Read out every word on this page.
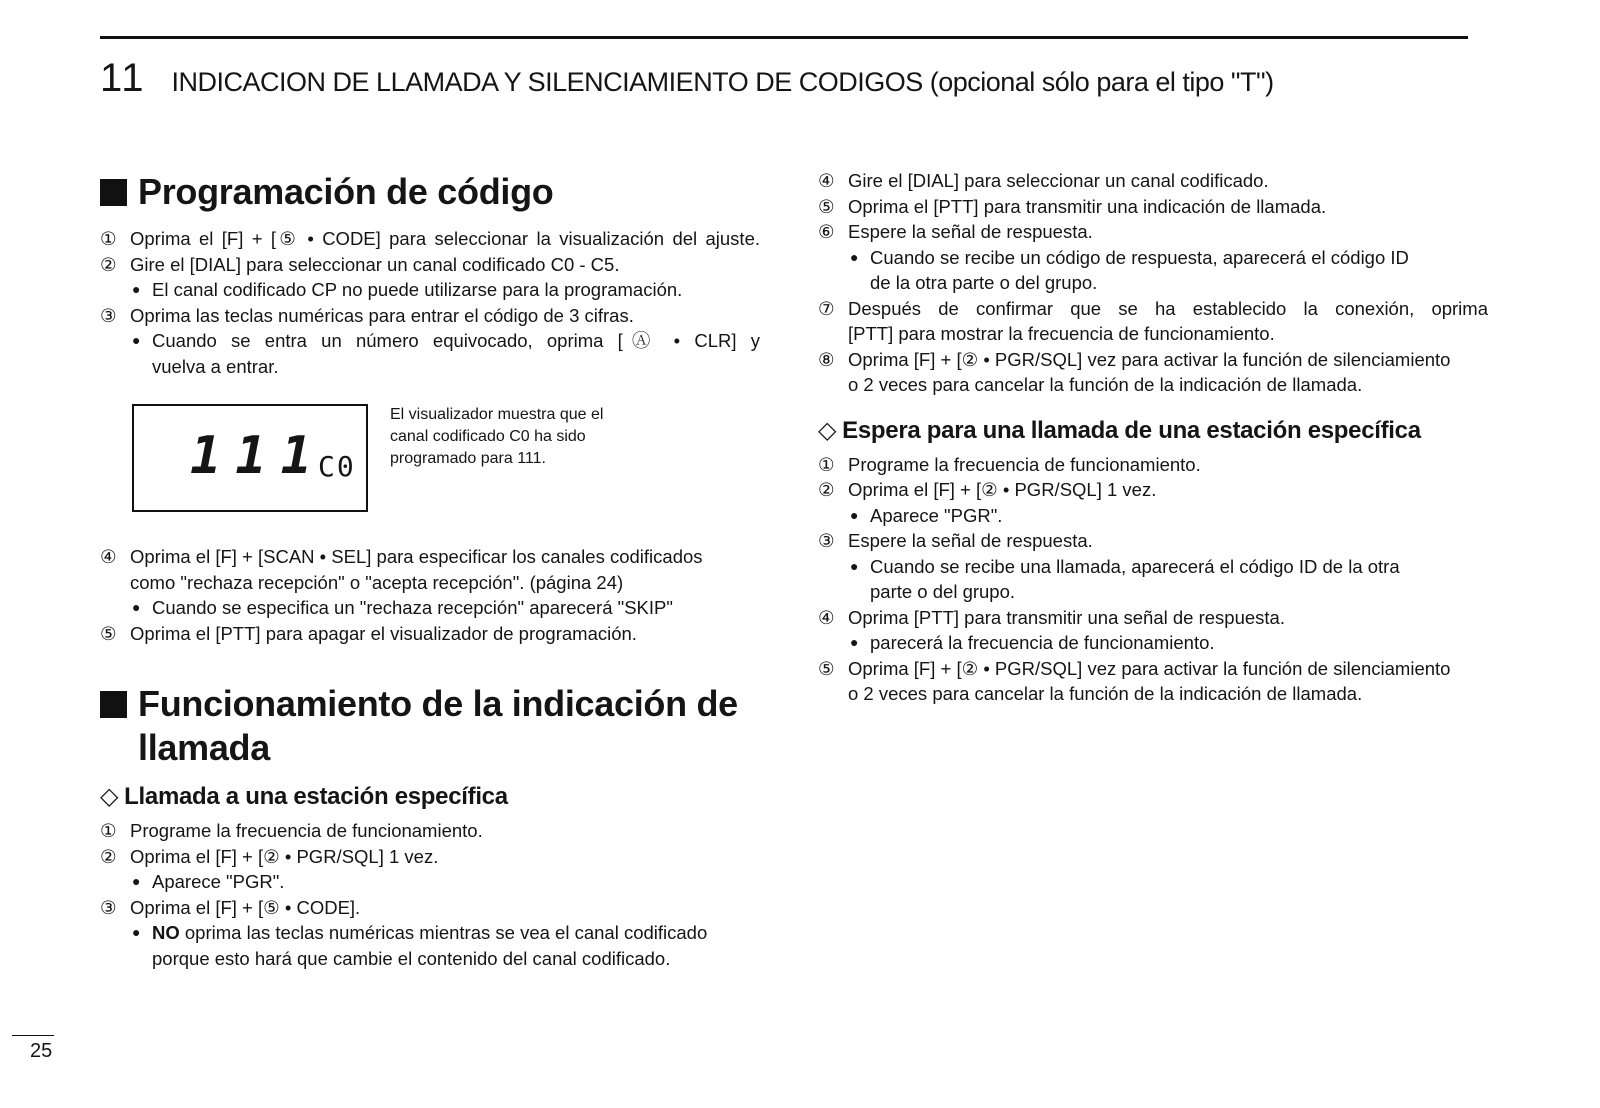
11 INDICACION DE LLAMADA Y SILENCIAMIENTO DE CODIGOS (opcional sólo para el tipo "T")
Programación de código
① Oprima el [F] + [⑤ • CODE] para seleccionar la visualización del ajuste.
② Gire el [DIAL] para seleccionar un canal codificado C0 - C5.
● El canal codificado CP no puede utilizarse para la programación.
③ Oprima las teclas numéricas para entrar el código de 3 cifras.
● Cuando se entra un número equivocado, oprima [Ⓐ • CLR] y
vuelva a entrar.
111
C0
El visualizador muestra que el
canal codificado C0 ha sido
programado para 111.
④ Oprima el [F] + [SCAN • SEL] para especificar los canales codificados
como "rechaza recepción" o "acepta recepción". (página 24)
● Cuando se especifica un "rechaza recepción" aparecerá "SKIP"
⑤ Oprima el [PTT] para apagar el visualizador de programación.
Funcionamiento de la indicación de
llamada
◇ Llamada a una estación específica
① Programe la frecuencia de funcionamiento.
② Oprima el [F] + [② • PGR/SQL] 1 vez.
● Aparece "PGR".
③ Oprima el [F] + [⑤ • CODE].
● NO oprima las teclas numéricas mientras se vea el canal codificado
porque esto hará que cambie el contenido del canal codificado.
④ Gire el [DIAL] para seleccionar un canal codificado.
⑤ Oprima el [PTT] para transmitir una indicación de llamada.
⑥ Espere la señal de respuesta.
● Cuando se recibe un código de respuesta, aparecerá el código ID
de la otra parte o del grupo.
⑦ Después de confirmar que se ha establecido la conexión, oprima
[PTT] para mostrar la frecuencia de funcionamiento.
⑧ Oprima [F] + [② • PGR/SQL] vez para activar la función de silenciamiento
o 2 veces para cancelar la función de la indicación de llamada.
◇ Espera para una llamada de una estación específica
① Programe la frecuencia de funcionamiento.
② Oprima el [F] + [② • PGR/SQL] 1 vez.
● Aparece "PGR".
③ Espere la señal de respuesta.
● Cuando se recibe una llamada, aparecerá el código ID de la otra
parte o del grupo.
④ Oprima [PTT] para transmitir una señal de respuesta.
● parecerá la frecuencia de funcionamiento.
⑤ Oprima [F] + [② • PGR/SQL] vez para activar la función de silenciamiento
o 2 veces para cancelar la función de la indicación de llamada.
25
